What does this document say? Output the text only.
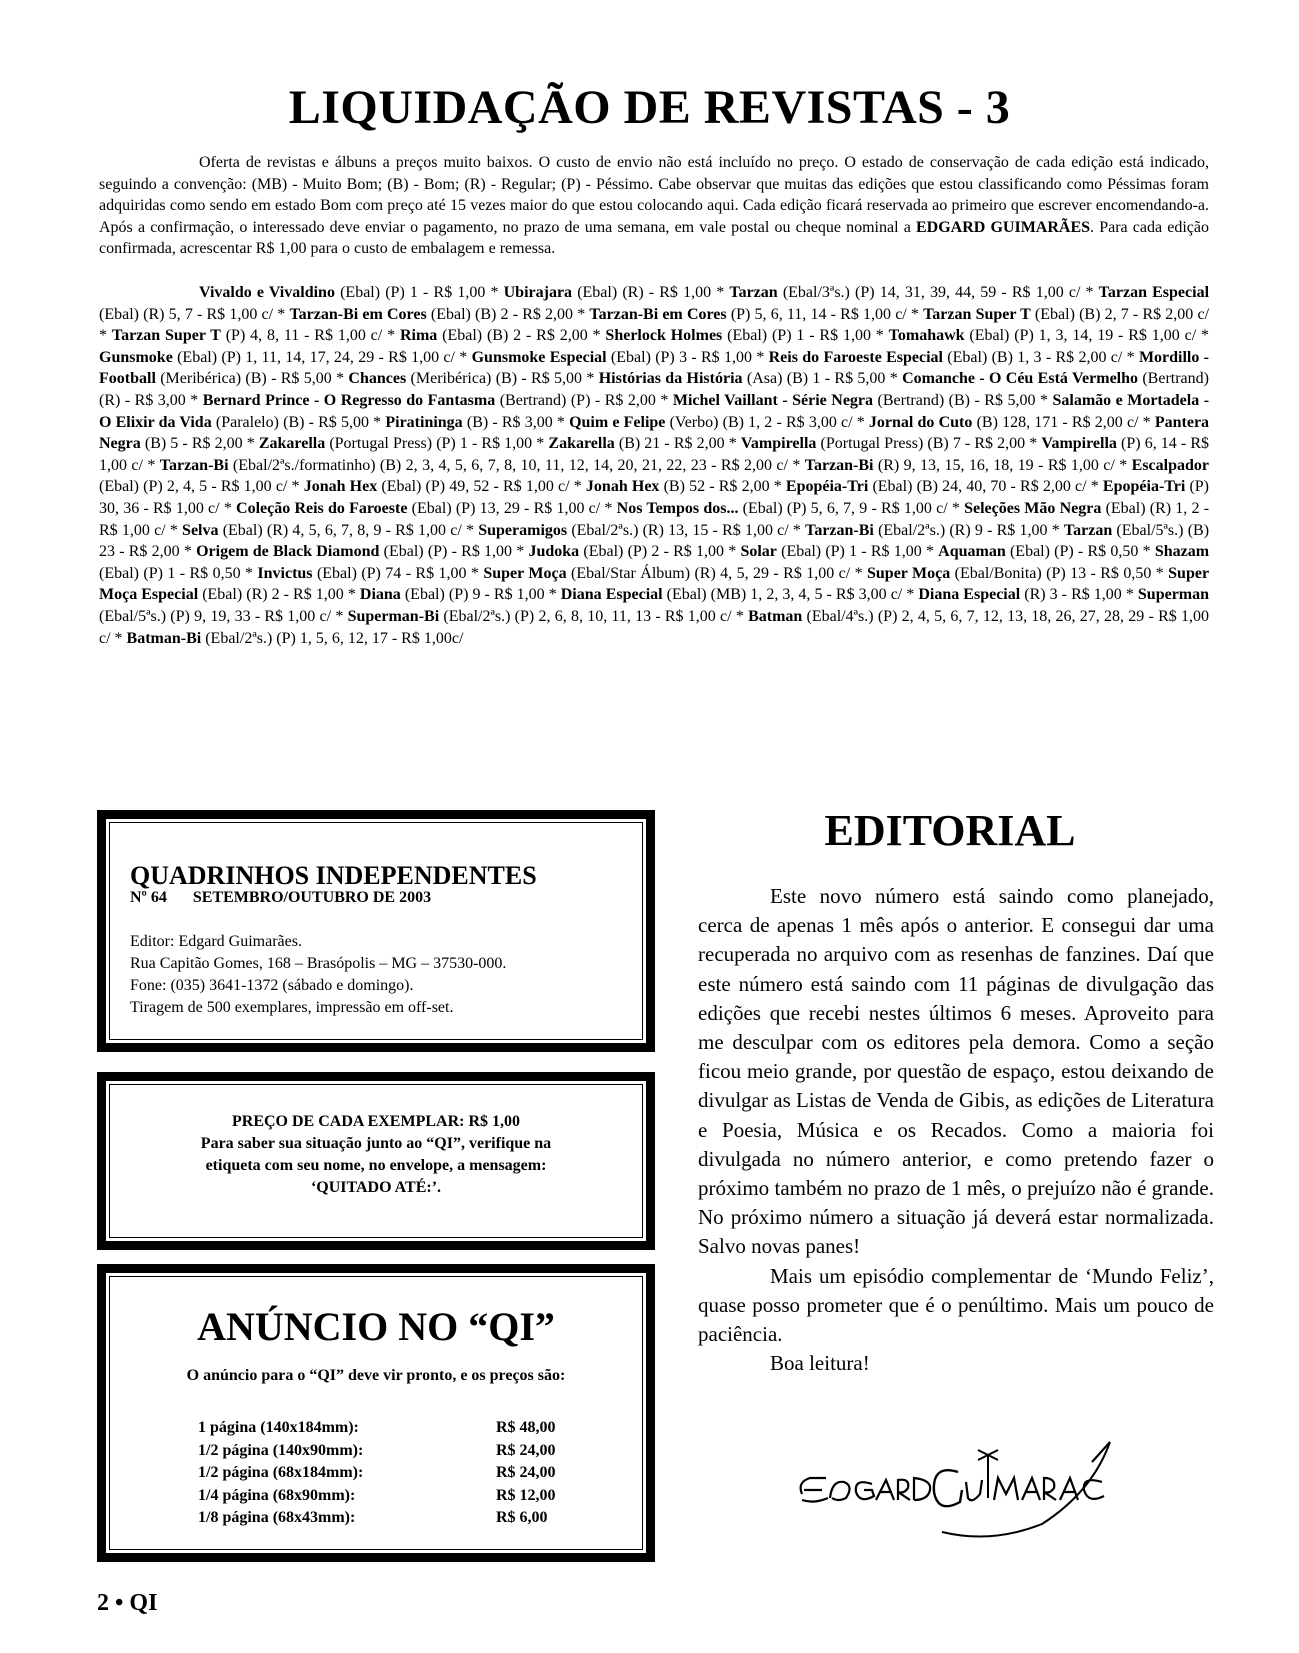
LIQUIDAÇÃO DE REVISTAS - 3

Oferta de revistas e álbuns a preços muito baixos. O custo de envio não está incluído no preço. O estado de conservação de cada edição está indicado, seguindo a convenção: (MB) - Muito Bom; (B) - Bom; (R) - Regular; (P) - Péssimo. Cabe observar que muitas das edições que estou classificando como Péssimas foram adquiridas como sendo em estado Bom com preço até 15 vezes maior do que estou colocando aqui. Cada edição ficará reservada ao primeiro que escrever encomendando-a. Após a confirmação, o interessado deve enviar o pagamento, no prazo de uma semana, em vale postal ou cheque nominal a EDGARD GUIMARÃES. Para cada edição confirmada, acrescentar R$ 1,00 para o custo de embalagem e remessa.

Vivaldo e Vivaldino (Ebal) (P) 1 - R$ 1,00 * Ubirajara (Ebal) (R) - R$ 1,00 * Tarzan (Ebal/3ªs.) (P) 14, 31, 39, 44, 59 - R$ 1,00 c/ * Tarzan Especial (Ebal) (R) 5, 7 - R$ 1,00 c/ * Tarzan-Bi em Cores (Ebal) (B) 2 - R$ 2,00 * Tarzan-Bi em Cores (P) 5, 6, 11, 14 - R$ 1,00 c/ * Tarzan Super T (Ebal) (B) 2, 7 - R$ 2,00 c/ * Tarzan Super T (P) 4, 8, 11 - R$ 1,00 c/ * Rima (Ebal) (B) 2 - R$ 2,00 * Sherlock Holmes (Ebal) (P) 1 - R$ 1,00 * Tomahawk (Ebal) (P) 1, 3, 14, 19 - R$ 1,00 c/ * Gunsmoke (Ebal) (P) 1, 11, 14, 17, 24, 29 - R$ 1,00 c/ * Gunsmoke Especial (Ebal) (P) 3 - R$ 1,00 * Reis do Faroeste Especial (Ebal) (B) 1, 3 - R$ 2,00 c/ * Mordillo - Football (Meribérica) (B) - R$ 5,00 * Chances (Meribérica) (B) - R$ 5,00 * Histórias da História (Asa) (B) 1 - R$ 5,00 * Comanche - O Céu Está Vermelho (Bertrand) (R) - R$ 3,00 * Bernard Prince - O Regresso do Fantasma (Bertrand) (P) - R$ 2,00 * Michel Vaillant - Série Negra (Bertrand) (B) - R$ 5,00 * Salamão e Mortadela - O Elixir da Vida (Paralelo) (B) - R$ 5,00 * Piratininga (B) - R$ 3,00 * Quim e Felipe (Verbo) (B) 1, 2 - R$ 3,00 c/ * Jornal do Cuto (B) 128, 171 - R$ 2,00 c/ * Pantera Negra (B) 5 - R$ 2,00 * Zakarella (Portugal Press) (P) 1 - R$ 1,00 * Zakarella (B) 21 - R$ 2,00 * Vampirella (Portugal Press) (B) 7 - R$ 2,00 * Vampirella (P) 6, 14 - R$ 1,00 c/ * Tarzan-Bi (Ebal/2ªs./formatinho) (B) 2, 3, 4, 5, 6, 7, 8, 10, 11, 12, 14, 20, 21, 22, 23 - R$ 2,00 c/ * Tarzan-Bi (R) 9, 13, 15, 16, 18, 19 - R$ 1,00 c/ * Escalpador (Ebal) (P) 2, 4, 5 - R$ 1,00 c/ * Jonah Hex (Ebal) (P) 49, 52 - R$ 1,00 c/ * Jonah Hex (B) 52 - R$ 2,00 * Epopéia-Tri (Ebal) (B) 24, 40, 70 - R$ 2,00 c/ * Epopéia-Tri (P) 30, 36 - R$ 1,00 c/ * Coleção Reis do Faroeste (Ebal) (P) 13, 29 - R$ 1,00 c/ * Nos Tempos dos... (Ebal) (P) 5, 6, 7, 9 - R$ 1,00 c/ * Seleções Mão Negra (Ebal) (R) 1, 2 - R$ 1,00 c/ * Selva (Ebal) (R) 4, 5, 6, 7, 8, 9 - R$ 1,00 c/ * Superamigos (Ebal/2ªs.) (R) 13, 15 - R$ 1,00 c/ * Tarzan-Bi (Ebal/2ªs.) (R) 9 - R$ 1,00 * Tarzan (Ebal/5ªs.) (B) 23 - R$ 2,00 * Origem de Black Diamond (Ebal) (P) - R$ 1,00 * Judoka (Ebal) (P) 2 - R$ 1,00 * Solar (Ebal) (P) 1 - R$ 1,00 * Aquaman (Ebal) (P) - R$ 0,50 * Shazam (Ebal) (P) 1 - R$ 0,50 * Invictus (Ebal) (P) 74 - R$ 1,00 * Super Moça (Ebal/Star Álbum) (R) 4, 5, 29 - R$ 1,00 c/ * Super Moça (Ebal/Bonita) (P) 13 - R$ 0,50 * Super Moça Especial (Ebal) (R) 2 - R$ 1,00 * Diana (Ebal) (P) 9 - R$ 1,00 * Diana Especial (Ebal) (MB) 1, 2, 3, 4, 5 - R$ 3,00 c/ * Diana Especial (R) 3 - R$ 1,00 * Superman (Ebal/5ªs.) (P) 9, 19, 33 - R$ 1,00 c/ * Superman-Bi (Ebal/2ªs.) (P) 2, 6, 8, 10, 11, 13 - R$ 1,00 c/ * Batman (Ebal/4ªs.) (P) 2, 4, 5, 6, 7, 12, 13, 18, 26, 27, 28, 29 - R$ 1,00 c/ * Batman-Bi (Ebal/2ªs.) (P) 1, 5, 6, 12, 17 - R$ 1,00c/

QUADRINHOS INDEPENDENTES
Nº 64 SETEMBRO/OUTUBRO DE 2003
Editor: Edgard Guimarães.
Rua Capitão Gomes, 168 – Brasópolis – MG – 37530-000.
Fone: (035) 3641-1372 (sábado e domingo).
Tiragem de 500 exemplares, impressão em off-set.
PREÇO DE CADA EXEMPLAR: R$ 1,00
Para saber sua situação junto ao “QI”, verifique na
etiqueta com seu nome, no envelope, a mensagem:
‘QUITADO ATÉ:’.
ANÚNCIO NO “QI”
O anúncio para o “QI” deve vir pronto, e os preços são:
1 página (140x184mm):	R$ 48,00
1/2 página (140x90mm):	R$ 24,00
1/2 página (68x184mm):	R$ 24,00
1/4 página (68x90mm):	R$ 12,00
1/8 página (68x43mm):	R$ 6,00
EDITORIAL

Este novo número está saindo como planejado, cerca de apenas 1 mês após o anterior. E consegui dar uma recuperada no arquivo com as resenhas de fanzines. Daí que este número está saindo com 11 páginas de divulgação das edições que recebi nestes últimos 6 meses. Aproveito para me desculpar com os editores pela demora. Como a seção ficou meio grande, por questão de espaço, estou deixando de divulgar as Listas de Venda de Gibis, as edições de Literatura e Poesia, Música e os Recados. Como a maioria foi divulgada no número anterior, e como pretendo fazer o próximo também no prazo de 1 mês, o prejuízo não é grande. No próximo número a situação já deverá estar normalizada. Salvo novas panes!

Mais um episódio complementar de ‘Mundo Feliz’, quase posso prometer que é o penúltimo. Mais um pouco de paciência.

Boa leitura!

2 • QI
